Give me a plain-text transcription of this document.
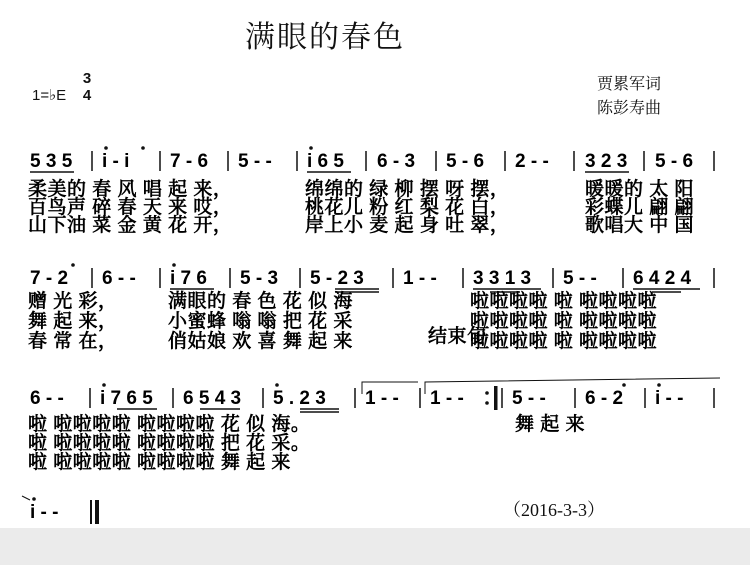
满眼的春色
1=♭E
3
4
贾累军词
陈彭寿曲
5 3 5 i - i 7 - 6 5 - - i 6 5 6 - 3 5 - 6 2 - - 3 2 3 5 - 6
柔美的 春 风 唱 起 来，	绵绵的 绿 柳 摆 呀 摆，	暖暖的 太 阳
百鸟声 碎 春 天 来 哎，	桃花儿 粉 红 梨 花 白，	彩蝶儿 翩 翩
山下油 菜 金 黄 花 开，	岸上小 麦 起 身 吐 翠，	歌唱大 中 国
7 - 2 6 - - i 7 6 5 - 3 5 - 2 3 1 - - 3 3 1 3 5 - - 6 4 2 4
赠 光 彩，	满眼的 春 色 花 似 海	啦啦啦啦 啦 啦啦啦啦
舞 起 来，	小蜜蜂 嗡 嗡 把 花 采	啦啦啦啦 啦 啦啦啦啦
春 常 在，	俏姑娘 欢 喜 舞 起 来	啦啦啦啦 啦 啦啦啦啦
结束句
6 - - i 7 6 5 6 5 4 3 5 . 2 3 1 - - 1 - -	5 - - 6 - 2 i - -
啦 啦啦啦啦 啦啦啦啦 花 似 海。	舞 起 来
啦 啦啦啦啦 啦啦啦啦 把 花 采。
啦 啦啦啦啦 啦啦啦啦 舞 起 来
i - -	（2016-3-3）
